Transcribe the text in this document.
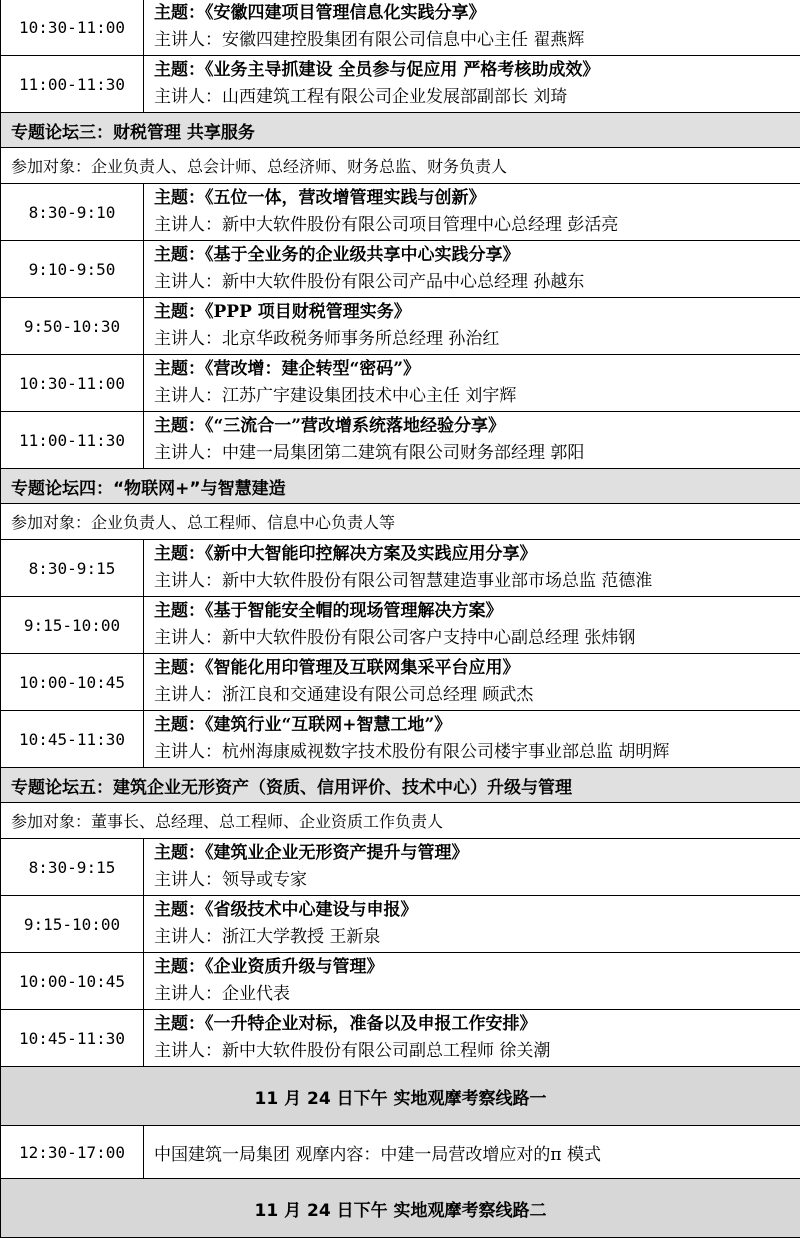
10:30-11:00	主题：《安徽四建项目管理信息化实践分享》
主讲人：安徽四建控股集团有限公司信息中心主任 翟燕辉

11:00-11:30	主题：《业务主导抓建设 全员参与促应用 严格考核助成效》
主讲人：山西建筑工程有限公司企业发展部副部长 刘琦

专题论坛三：财税管理 共享服务	
参加对象：企业负责人、总会计师、总经济师、财务总监、财务负责人	
8:30-9:10	主题：《五位一体，营改增管理实践与创新》
主讲人：新中大软件股份有限公司项目管理中心总经理 彭活亮

9:10-9:50	主题：《基于全业务的企业级共享中心实践分享》
主讲人：新中大软件股份有限公司产品中心总经理 孙越东

9:50-10:30	主题：《PPP 项目财税管理实务》
主讲人：北京华政税务师事务所总经理 孙治红

10:30-11:00	主题：《营改增：建企转型“密码”》
主讲人：江苏广宇建设集团技术中心主任 刘宇辉

11:00-11:30	主题：《“三流合一”营改增系统落地经验分享》
主讲人：中建一局集团第二建筑有限公司财务部经理 郭阳

专题论坛四：“物联网+”与智慧建造	
参加对象：企业负责人、总工程师、信息中心负责人等	
8:30-9:15	主题：《新中大智能印控解决方案及实践应用分享》
主讲人：新中大软件股份有限公司智慧建造事业部市场总监 范德淮

9:15-10:00	主题：《基于智能安全帽的现场管理解决方案》
主讲人：新中大软件股份有限公司客户支持中心副总经理 张炜钢

10:00-10:45	主题：《智能化用印管理及互联网集采平台应用》
主讲人：浙江良和交通建设有限公司总经理 顾武杰

10:45-11:30	主题：《建筑行业“互联网+智慧工地”》
主讲人：杭州海康威视数字技术股份有限公司楼宇事业部总监 胡明辉

专题论坛五：建筑企业无形资产（资质、信用评价、技术中心）升级与管理	
参加对象：董事长、总经理、总工程师、企业资质工作负责人	
8:30-9:15	主题：《建筑业企业无形资产提升与管理》
主讲人：领导或专家

9:15-10:00	主题：《省级技术中心建设与申报》
主讲人：浙江大学教授 王新泉

10:00-10:45	主题：《企业资质升级与管理》
主讲人：企业代表

10:45-11:30	主题：《一升特企业对标，准备以及申报工作安排》
主讲人：新中大软件股份有限公司副总工程师 徐关潮

11 月 24 日下午 实地观摩考察线路一	
12:30-17:00	中国建筑一局集团 观摩内容：中建一局营改增应对的π 模式
11 月 24 日下午 实地观摩考察线路二	
